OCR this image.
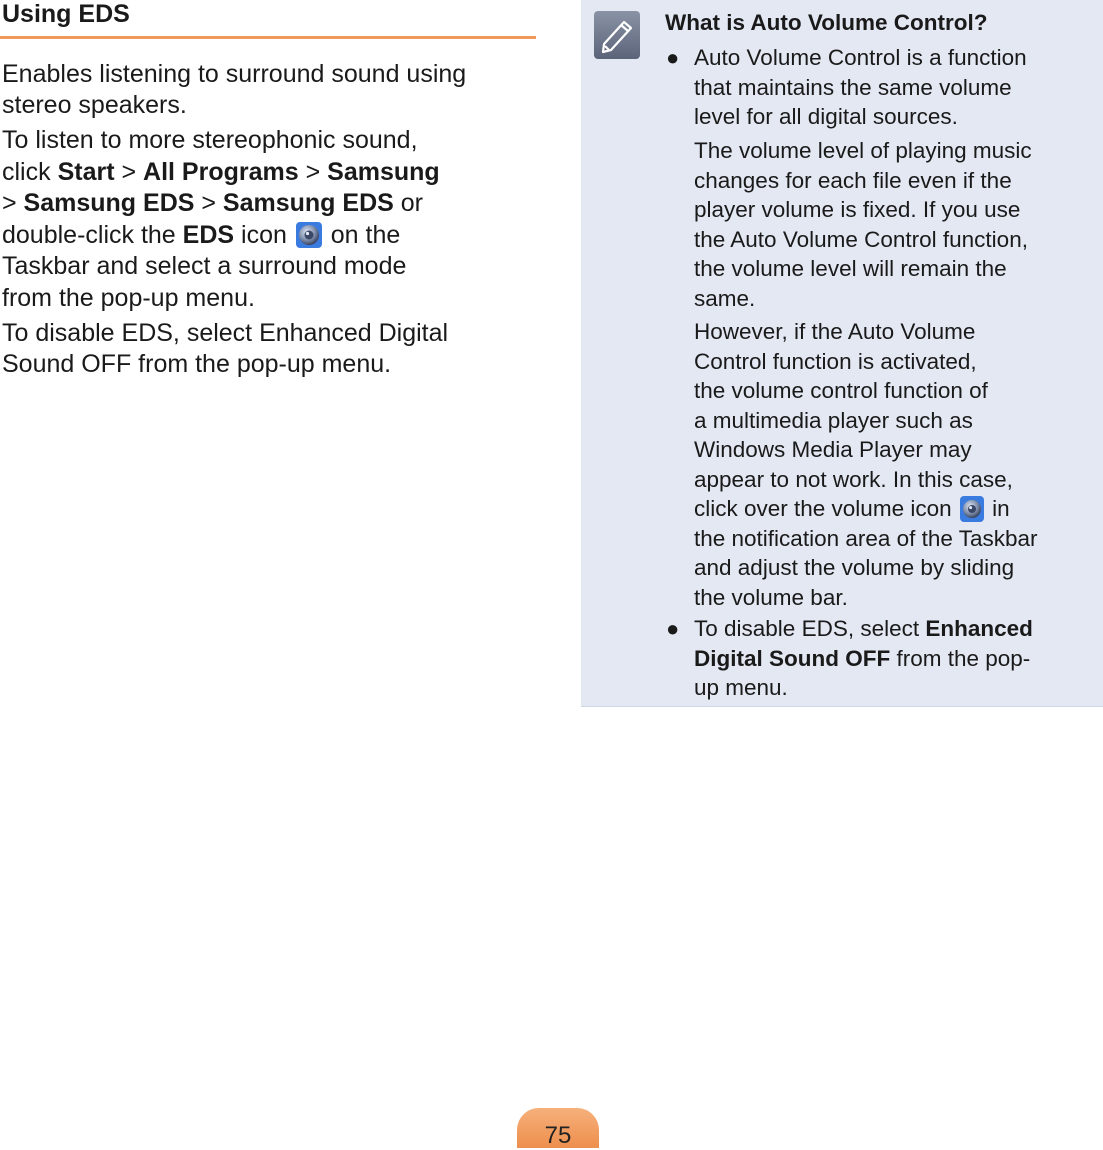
Using EDS
Enables listening to surround sound using
stereo speakers.
To listen to more stereophonic sound,
click Start > All Programs > Samsung
> Samsung EDS > Samsung EDS or
double-click the EDS icon  on the
Taskbar and select a surround mode
from the pop-up menu.
To disable EDS, select Enhanced Digital
Sound OFF from the pop-up menu.
What is Auto Volume Control?
● Auto Volume Control is a function
that maintains the same volume
level for all digital sources.
The volume level of playing music
changes for each file even if the
player volume is fixed. If you use
the Auto Volume Control function,
the volume level will remain the
same.
However, if the Auto Volume
Control function is activated,
the volume control function of
a multimedia player such as
Windows Media Player may
appear to not work. In this case,
click over the volume icon  in
the notification area of the Taskbar
and adjust the volume by sliding
the volume bar.
● To disable EDS, select Enhanced
Digital Sound OFF from the pop-
up menu.
75
